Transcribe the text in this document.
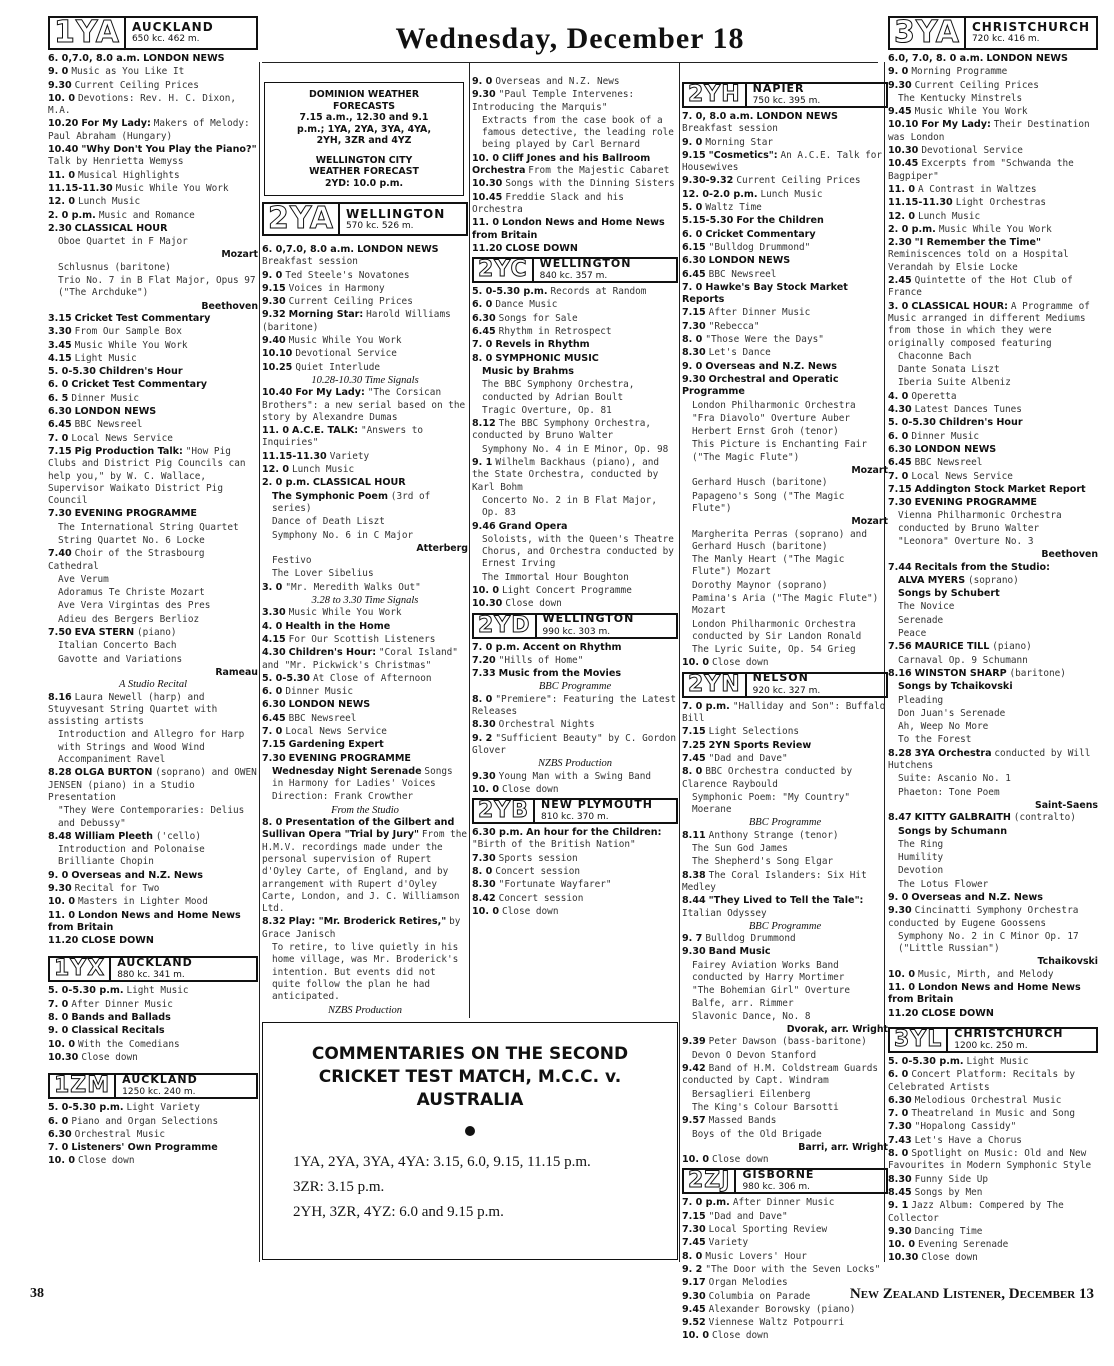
Wednesday, December 18
1YA	AUCKLAND
650 kc. 462 m.
6. 0,7.0, 8.0 a.m. LONDON NEWS
9. 0 Music as You Like It
9.30 Current Ceiling Prices
10. 0 Devotions: Rev. H. C. Dixon, M.A.
10.20 For My Lady: Makers of Melody: Paul Abraham (Hungary)
10.40 "Why Don't You Play the Piano?" Talk by Henrietta Wemyss
11. 0 Musical Highlights
11.15-11.30 Music While You Work
12. 0 Lunch Music
2. 0 p.m. Music and Romance
2.30 CLASSICAL HOUR
Oboe Quartet in F Major
Mozart
Schlusnus (baritone)
Trio No. 7 in B Flat Major, Opus 97 ("The Archduke")
Beethoven
3.15 Cricket Test Commentary
3.30 From Our Sample Box
3.45 Music While You Work
4.15 Light Music
5. 0-5.30 Children's Hour
6. 0 Cricket Test Commentary
6. 5 Dinner Music
6.30 LONDON NEWS
6.45 BBC Newsreel
7. 0 Local News Service
7.15 Pig Production Talk: "How Pig Clubs and District Pig Councils can help you," by W. C. Wallace, Supervisor Waikato District Pig Council
7.30 EVENING PROGRAMME
The International String Quartet
String Quartet No. 6 Locke
7.40 Choir of the Strasbourg Cathedral
Ave Verum
Adoramus Te Christe Mozart
Ave Vera Virgintas des Pres
Adieu des Bergers Berlioz
7.50 EVA STERN (piano)
Italian Concerto Bach
Gavotte and Variations
Rameau
A Studio Recital
8.16 Laura Newell (harp) and Stuyvesant String Quartet with assisting artists
Introduction and Allegro for Harp with Strings and Wood Wind Accompaniment Ravel
8.28 OLGA BURTON (soprano) and OWEN JENSEN (piano) in a Studio Presentation
"They Were Contemporaries: Delius and Debussy"
8.48 William Pleeth ('cello)
Introduction and Polonaise Brilliante Chopin
9. 0 Overseas and N.Z. News
9.30 Recital for Two
10. 0 Masters in Lighter Mood
11. 0 London News and Home News from Britain
11.20 CLOSE DOWN
1YX	AUCKLAND
880 kc. 341 m.
5. 0-5.30 p.m. Light Music
7. 0 After Dinner Music
8. 0 Bands and Ballads
9. 0 Classical Recitals
10. 0 With the Comedians
10.30 Close down
1ZM	AUCKLAND
1250 kc. 240 m.
5. 0-5.30 p.m. Light Variety
6. 0 Piano and Organ Selections
6.30 Orchestral Music
7. 0 Listeners' Own Programme
10. 0 Close down
DOMINION WEATHER
FORECASTS
7.15 a.m., 12.30 and 9.1
p.m.; 1YA, 2YA, 3YA, 4YA,
2YH, 3ZR and 4YZ
WELLINGTON CITY
WEATHER FORECAST
2YD: 10.0 p.m.
2YA	WELLINGTON
570 kc. 526 m.
6. 0,7.0, 8.0 a.m. LONDON NEWS Breakfast session
9. 0 Ted Steele's Novatones
9.15 Voices in Harmony
9.30 Current Ceiling Prices
9.32 Morning Star: Harold Williams (baritone)
9.40 Music While You Work
10.10 Devotional Service
10.25 Quiet Interlude
10.28-10.30 Time Signals
10.40 For My Lady: "The Corsican Brothers": a new serial based on the story by Alexandre Dumas
11. 0 A.C.E. TALK: "Answers to Inquiries"
11.15-11.30 Variety
12. 0 Lunch Music
2. 0 p.m. CLASSICAL HOUR
The Symphonic Poem (3rd of series)
Dance of Death Liszt
Symphony No. 6 in C Major
Atterberg
Festivo
The Lover Sibelius
3. 0 "Mr. Meredith Walks Out"
3.28 to 3.30 Time Signals
3.30 Music While You Work
4. 0 Health in the Home
4.15 For Our Scottish Listeners
4.30 Children's Hour: "Coral Island" and "Mr. Pickwick's Christmas"
5. 0-5.30 At Close of Afternoon
6. 0 Dinner Music
6.30 LONDON NEWS
6.45 BBC Newsreel
7. 0 Local News Service
7.15 Gardening Expert
7.30 EVENING PROGRAMME
Wednesday Night Serenade Songs in Harmony for Ladies' Voices
Direction: Frank Crowther
From the Studio
8. 0 Presentation of the Gilbert and Sullivan Opera "Trial by Jury" From the H.M.V. recordings made under the personal supervision of Rupert d'Oyley Carte, of England, and by arrangement with Rupert d'Oyley Carte, London, and J. C. Williamson Ltd.
8.32 Play: "Mr. Broderick Retires," by Grace Janisch
To retire, to live quietly in his home village, was Mr. Broderick's intention. But events did not quite follow the plan he had anticipated.
NZBS Production
9. 0 Overseas and N.Z. News
9.30 "Paul Temple Intervenes: Introducing the Marquis"
Extracts from the case book of a famous detective, the leading role being played by Carl Bernard
10. 0 Cliff Jones and his Ballroom Orchestra From the Majestic Cabaret
10.30 Songs with the Dinning Sisters
10.45 Freddie Slack and his Orchestra
11. 0 London News and Home News from Britain
11.20 CLOSE DOWN
2YC	WELLINGTON
840 kc. 357 m.
5. 0-5.30 p.m. Records at Random
6. 0 Dance Music
6.30 Songs for Sale
6.45 Rhythm in Retrospect
7. 0 Revels in Rhythm
8. 0 SYMPHONIC MUSIC
Music by Brahms
The BBC Symphony Orchestra, conducted by Adrian Boult
Tragic Overture, Op. 81
8.12 The BBC Symphony Orchestra, conducted by Bruno Walter
Symphony No. 4 in E Minor, Op. 98
9. 1 Wilhelm Backhaus (piano), and the State Orchestra, conducted by Karl Bohm
Concerto No. 2 in B Flat Major, Op. 83
9.46 Grand Opera
Soloists, with the Queen's Theatre Chorus, and Orchestra conducted by Ernest Irving
The Immortal Hour Boughton
10. 0 Light Concert Programme
10.30 Close down
2YD	WELLINGTON
990 kc. 303 m.
7. 0 p.m. Accent on Rhythm
7.20 "Hills of Home"
7.33 Music from the Movies
BBC Programme
8. 0 "Premiere": Featuring the Latest Releases
8.30 Orchestral Nights
9. 2 "Sufficient Beauty" by C. Gordon Glover
NZBS Production
9.30 Young Man with a Swing Band
10. 0 Close down
2YB	NEW PLYMOUTH
810 kc. 370 m.
6.30 p.m. An hour for the Children: "Birth of the British Nation"
7.30 Sports session
8. 0 Concert session
8.30 "Fortunate Wayfarer"
8.42 Concert session
10. 0 Close down
2YH	NAPIER
750 kc. 395 m.
7. 0, 8.0 a.m. LONDON NEWS Breakfast session
9. 0 Morning Star
9.15 "Cosmetics": An A.C.E. Talk for Housewives
9.30-9.32 Current Ceiling Prices
12. 0-2.0 p.m. Lunch Music
5. 0 Waltz Time
5.15-5.30 For the Children
6. 0 Cricket Commentary
6.15 "Bulldog Drummond"
6.30 LONDON NEWS
6.45 BBC Newsreel
7. 0 Hawke's Bay Stock Market Reports
7.15 After Dinner Music
7.30 "Rebecca"
8. 0 "Those Were the Days"
8.30 Let's Dance
9. 0 Overseas and N.Z. News
9.30 Orchestral and Operatic Programme
London Philharmonic Orchestra
"Fra Diavolo" Overture Auber
Herbert Ernst Groh (tenor)
This Picture is Enchanting Fair ("The Magic Flute")
Mozart
Gerhard Husch (baritone)
Papageno's Song ("The Magic Flute")
Mozart
Margherita Perras (soprano) and Gerhard Husch (baritone)
The Manly Heart ("The Magic Flute") Mozart
Dorothy Maynor (soprano)
Pamina's Aria ("The Magic Flute") Mozart
London Philharmonic Orchestra conducted by Sir Landon Ronald
The Lyric Suite, Op. 54 Grieg
10. 0 Close down
2YN	NELSON
920 kc. 327 m.
7. 0 p.m. "Halliday and Son": Buffalo Bill
7.15 Light Selections
7.25 2YN Sports Review
7.45 "Dad and Dave"
8. 0 BBC Orchestra conducted by Clarence Raybould
Symphonic Poem: "My Country" Moerane
BBC Programme
8.11 Anthony Strange (tenor)
The Sun God James
The Shepherd's Song Elgar
8.38 The Coral Islanders: Six Hit Medley
8.44 "They Lived to Tell the Tale": Italian Odyssey
BBC Programme
9. 7 Bulldog Drummond
9.30 Band Music
Fairey Aviation Works Band conducted by Harry Mortimer
"The Bohemian Girl" Overture Balfe, arr. Rimmer
Slavonic Dance, No. 8
Dvorak, arr. Wright
9.39 Peter Dawson (bass-baritone)
Devon O Devon Stanford
9.42 Band of H.M. Coldstream Guards conducted by Capt. Windram
Bersaglieri Eilenberg
The King's Colour Barsotti
9.57 Massed Bands
Boys of the Old Brigade
Barri, arr. Wright
10. 0 Close down
2ZJ	GISBORNE
980 kc. 306 m.
7. 0 p.m. After Dinner Music
7.15 "Dad and Dave"
7.30 Local Sporting Review
7.45 Variety
8. 0 Music Lovers' Hour
9. 2 "The Door with the Seven Locks"
9.17 Organ Melodies
9.30 Columbia on Parade
9.45 Alexander Borowsky (piano)
9.52 Viennese Waltz Potpourri
10. 0 Close down
3YA	CHRISTCHURCH
720 kc. 416 m.
6.0, 7.0, 8. 0 a.m. LONDON NEWS
9. 0 Morning Programme
9.30 Current Ceiling Prices
The Kentucky Minstrels
9.45 Music While You Work
10.10 For My Lady: Their Destination was London
10.30 Devotional Service
10.45 Excerpts from "Schwanda the Bagpiper"
11. 0 A Contrast in Waltzes
11.15-11.30 Light Orchestras
12. 0 Lunch Music
2. 0 p.m. Music While You Work
2.30 "I Remember the Time" Reminiscences told on a Hospital Verandah by Elsie Locke
2.45 Quintette of the Hot Club of France
3. 0 CLASSICAL HOUR: A Programme of Music arranged in different Mediums from those in which they were originally composed featuring
Chaconne Bach
Dante Sonata Liszt
Iberia Suite Albeniz
4. 0 Operetta
4.30 Latest Dances Tunes
5. 0-5.30 Children's Hour
6. 0 Dinner Music
6.30 LONDON NEWS
6.45 BBC Newsreel
7. 0 Local News Service
7.15 Addington Stock Market Report
7.30 EVENING PROGRAMME
Vienna Philharmonic Orchestra conducted by Bruno Walter
"Leonora" Overture No. 3
Beethoven
7.44 Recitals from the Studio:
ALVA MYERS (soprano)
Songs by Schubert
The Novice
Serenade
Peace
7.56 MAURICE TILL (piano)
Carnaval Op. 9 Schumann
8.16 WINSTON SHARP (baritone)
Songs by Tchaikovski
Pleading
Don Juan's Serenade
Ah, Weep No More
To the Forest
8.28 3YA Orchestra conducted by Will Hutchens
Suite: Ascanio No. 1
Phaeton: Tone Poem
Saint-Saens
8.47 KITTY GALBRAITH (contralto)
Songs by Schumann
The Ring
Humility
Devotion
The Lotus Flower
9. 0 Overseas and N.Z. News
9.30 Cincinatti Symphony Orchestra conducted by Eugene Goossens
Symphony No. 2 in C Minor Op. 17 ("Little Russian")
Tchaikovski
10. 0 Music, Mirth, and Melody
11. 0 London News and Home News from Britain
11.20 CLOSE DOWN
3YL	CHRISTCHURCH
1200 kc. 250 m.
5. 0-5.30 p.m. Light Music
6. 0 Concert Platform: Recitals by Celebrated Artists
6.30 Melodious Orchestral Music
7. 0 Theatreland in Music and Song
7.30 "Hopalong Cassidy"
7.43 Let's Have a Chorus
8. 0 Spotlight on Music: Old and New Favourites in Modern Symphonic Style
8.30 Funny Side Up
8.45 Songs by Men
9. 1 Jazz Album: Compered by The Collector
9.30 Dancing Time
10. 0 Evening Serenade
10.30 Close down
COMMENTARIES ON THE SECOND
CRICKET TEST MATCH, M.C.C. v.
AUSTRALIA
1YA, 2YA, 3YA, 4YA: 3.15, 6.0, 9.15, 11.15 p.m.
3ZR: 3.15 p.m.
2YH, 3ZR, 4YZ: 6.0 and 9.15 p.m.
38	New Zealand Listener, December 13
